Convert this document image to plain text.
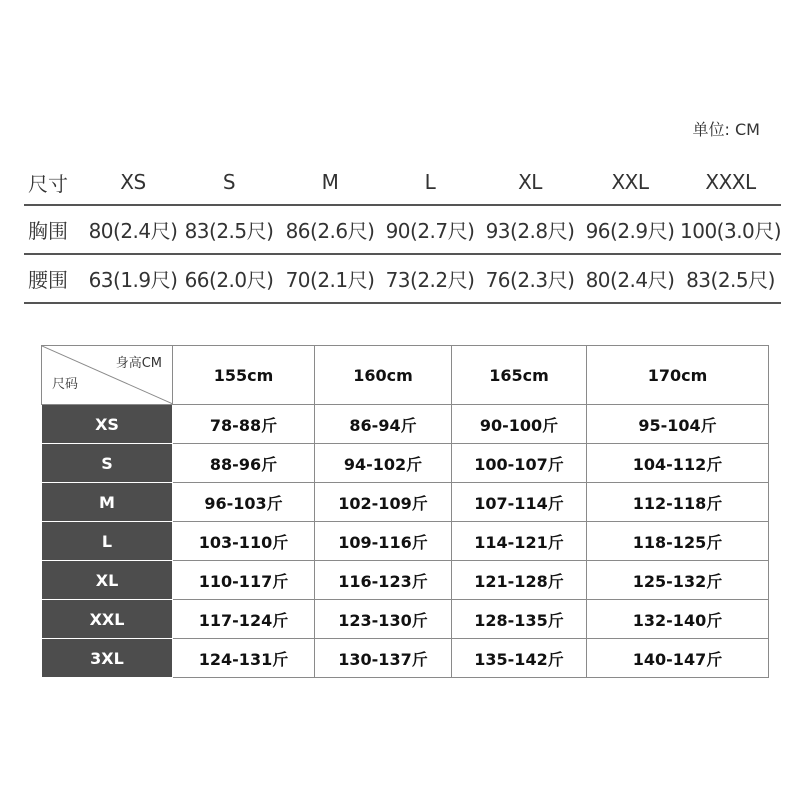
单位: CM
尺寸	XS	S	M	L	XL	XXL	XXXL
胸围	80(2.4尺)	83(2.5尺)	86(2.6尺)	90(2.7尺)	93(2.8尺)	96(2.9尺)	100(3.0尺)
腰围	63(1.9尺)	66(2.0尺)	70(2.1尺)	73(2.2尺)	76(2.3尺)	80(2.4尺)	83(2.5尺)
身高CM
尺码	155cm	160cm	165cm	170cm
XS	78-88斤	86-94斤	90-100斤	95-104斤
S	88-96斤	94-102斤	100-107斤	104-112斤
M	96-103斤	102-109斤	107-114斤	112-118斤
L	103-110斤	109-116斤	114-121斤	118-125斤
XL	110-117斤	116-123斤	121-128斤	125-132斤
XXL	117-124斤	123-130斤	128-135斤	132-140斤
3XL	124-131斤	130-137斤	135-142斤	140-147斤
